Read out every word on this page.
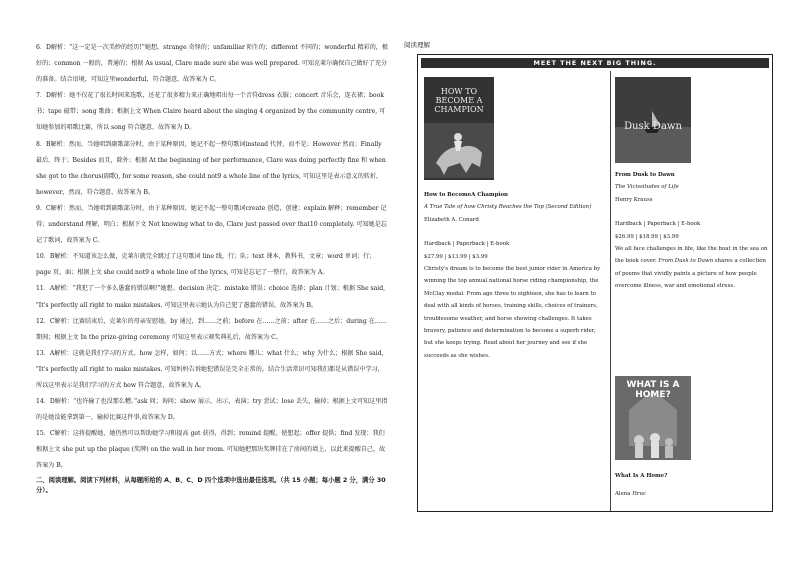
6．D解析：“这一定是一次美妙的经历!”她想。strange 奇怪的；unfamiliar 陌生的；different 不同的；wonderful 精彩的，极好的；common 一般的，普通的；根据 As usual, Clare made sure she was well prepared. 可知克莱尔确保自己做好了充分的准备。结合语境，可知这里wonderful，符合题意，故答案为 C。

7．D解析：她不仅花了很长时间来选歌，还花了很多精力来正确地唱出每一个音符dress 衣服；concert 音乐会，连衣裙；book 书；tape 磁带；song 歌曲；根据上文 When Claire heard about the singing 4 organized by the community centre, 可知她参加的唱歌比赛，所以 song 符合题意，故答案为 D。

8．B解析：然而，当她唱到副歌部分时，由于某种原因，她记不起一整句歌词instead 代替，而不是；However 然而；Finally 最后，终于；Besides 而且，除外；根据 At the beginning of her performance, Clare was doing perfectly fine 和 when she got to the chorus(副歌), for some reason, she could not9 a whole line of the lyrics, 可知这里是表示意义的转折，however，然而，符合题意，故答案为 B。

9．C解析：然而，当她唱到副歌部分时，由于某种原因，她记不起一整句歌词create 创造，创建；explain 解释；remember 记得；understand 理解，明白；根据下文 Not knowing what to do, Clare just passed over that10 completely. 可知她是忘记了歌词，故答案为 C。

10．B解析：不知道该怎么做，克莱尔就完全跳过了这句歌词 line 线，行；队；text 课本，教科书，文章；word 单词；行；page 页，面；根据上文 she could not9 a whole line of the lyrics, 可知是忘记了一整行，故答案为 A。

11．A解析：“我犯了一个多么愚蠢的错误啊!”她想。decision 决定；mistake 错误；choice 选择；plan 计划；根据 She said, "It's perfectly all right to make mistakes. 可知这里表示她认为自己犯了愚蠢的错误，故答案为 B。

12．C解析：比赛结束后，克莱尔的母亲安慰她。by 通过，到……之前；before 在……之前；after 在……之后；during 在……期间；根据上文 In the prize-giving ceremony 可知这里表示颁奖典礼后，故答案为 C。

13．A解析：这就是我们学习的方式。how 怎样，如何；以……方式；where 哪儿；what 什么；why 为什么；根据 She said, "It's perfectly all right to make mistakes. 可知妈妈告诉她犯错误是完全正常的。结合生活常识可知我们都是从错误中学习，所以这里表示是我们学习的方式 how 符合题意，故答案为 A。

14．D解析：“也许输了也没那么糟。”ask 问；询问；show 展示，出示，表演；try 尝试；lose 丢失，输掉；根据上文可知这里指的是她没能拿到第一，输掉比赛这件事,故答案为 D。

15．C解析：这将提醒她，她仍然可以帮助她学习和提高 get 获得，得到；remind 提醒，使想起；offer 提供；find 发现；我们根据上文 she put up the plaque (奖牌) on the wall in her room. 可知她把那块奖牌挂在了房间的墙上，以此来提醒自己，故答案为 B。

二、阅读理解。阅读下列材料，从每题所给的 A、B、C、D 四个选项中选出最佳选项。（共 15 小题；每小题 2 分，满分 30 分）。

阅读理解
MEET THE NEXT BIG THING.
HOW TO BECOME A CHAMPION

How to BecomeA Champion

A True Tale of how Christy Reaches the Top (Second Edition)

Elizabeth A. Conard

Hardback | Paperback | E-book

$27.99 | $13.99 | $3.99

Christy's dream is to become the best junior rider in America by winning the top annual national horse riding championship, the McClay medal. From age three to eighteen, she has to learn to deal with all kinds of horses, training skills, choices of trainers, troublesome weather, and horse showing challenges. It takes bravery, patience and determination to become a superb rider, but she keeps trying. Read about her journey and see if she succeeds as she wishes.

Dusk Dawn

From Dusk to Dawn

The Vicissitudes of Life

Henry Krauss

Hardback | Paperback | E-book

$26.99 | $18.99 | $3.99

We all face challenges in life, like the boat in the sea on the book cover. From Dusk to Dawn shares a collection of poems that vividly paints a picture of how people overcome illness, war and emotional stress.

WHAT IS A HOME?

What Is A Home?

Alena Hruc
